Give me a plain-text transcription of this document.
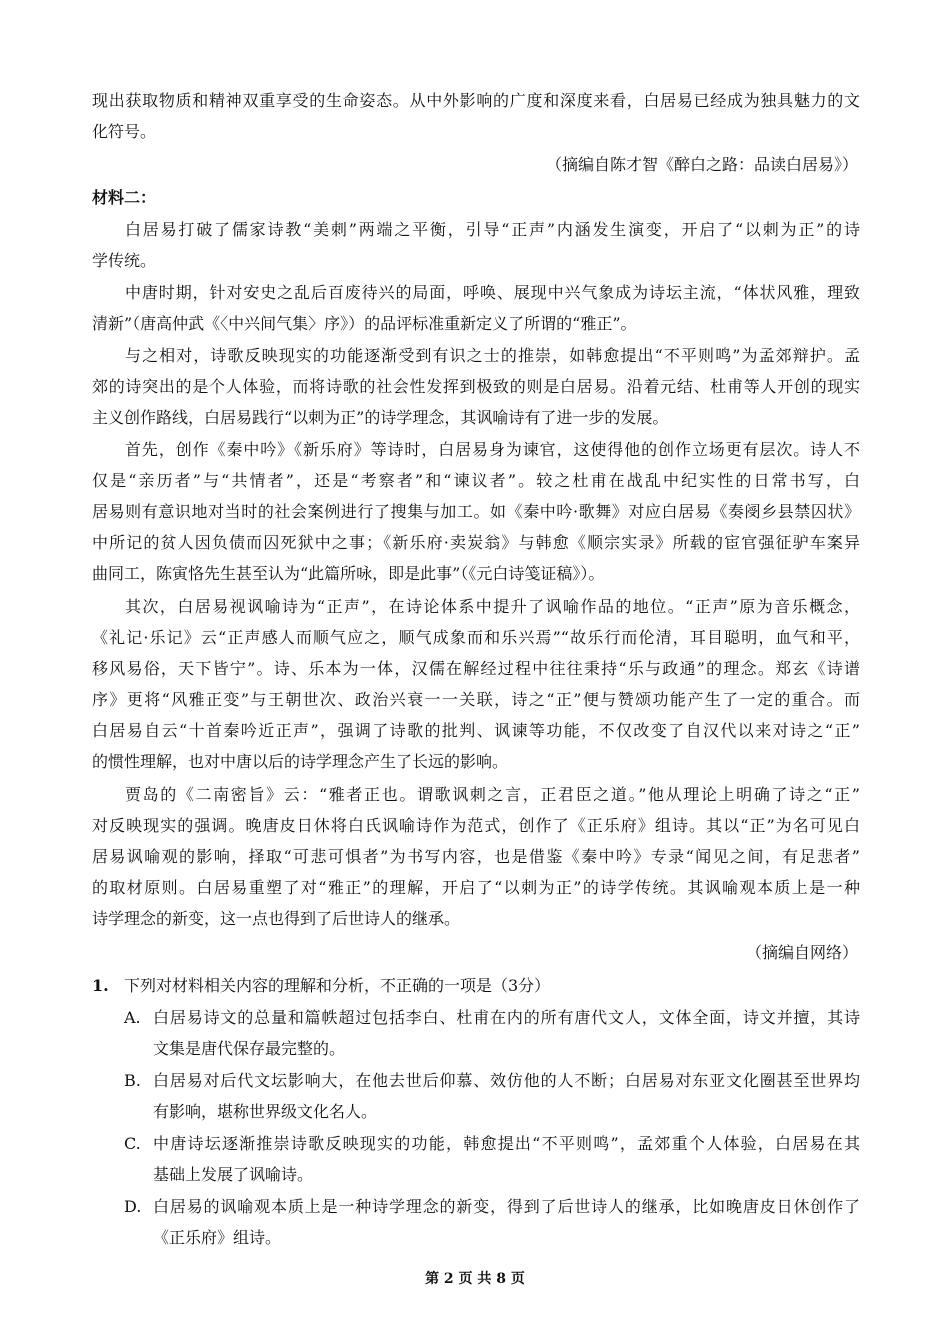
现出获取物质和精神双重享受的生命姿态。从中外影响的广度和深度来看，白居易已经成为独具魅力的文
化符号。
（摘编自陈才智《醉白之路：品读白居易》）
材料二：
白居易打破了儒家诗教“美刺”两端之平衡，引导“正声”内涵发生演变，开启了“以刺为正”的诗
学传统。
中唐时期，针对安史之乱后百废待兴的局面，呼唤、展现中兴气象成为诗坛主流，“体状风雅，理致
清新”（唐高仲武《〈中兴间气集〉序》）的品评标准重新定义了所谓的“雅正”。
与之相对，诗歌反映现实的功能逐渐受到有识之士的推崇，如韩愈提出“不平则鸣”为孟郊辩护。孟
郊的诗突出的是个人体验，而将诗歌的社会性发挥到极致的则是白居易。沿着元结、杜甫等人开创的现实
主义创作路线，白居易践行“以刺为正”的诗学理念，其讽喻诗有了进一步的发展。
首先，创作《秦中吟》《新乐府》等诗时，白居易身为谏官，这使得他的创作立场更有层次。诗人不
仅是“亲历者”与“共情者”，还是“考察者”和“谏议者”。较之杜甫在战乱中纪实性的日常书写，白
居易则有意识地对当时的社会案例进行了搜集与加工。如《秦中吟·歌舞》对应白居易《奏阌乡县禁囚状》
中所记的贫人因负债而囚死狱中之事；《新乐府·卖炭翁》与韩愈《顺宗实录》所载的宦官强征驴车案异
曲同工，陈寅恪先生甚至认为“此篇所咏，即是此事”（《元白诗笺证稿》）。
其次，白居易视讽喻诗为“正声”，在诗论体系中提升了讽喻作品的地位。“正声”原为音乐概念，
《礼记·乐记》云“正声感人而顺气应之，顺气成象而和乐兴焉”“故乐行而伦清，耳目聪明，血气和平，
移风易俗，天下皆宁”。诗、乐本为一体，汉儒在解经过程中往往秉持“乐与政通”的理念。郑玄《诗谱
序》更将“风雅正变”与王朝世次、政治兴衰一一关联，诗之“正”便与赞颂功能产生了一定的重合。而
白居易自云“十首秦吟近正声”，强调了诗歌的批判、讽谏等功能，不仅改变了自汉代以来对诗之“正”
的惯性理解，也对中唐以后的诗学理念产生了长远的影响。
贾岛的《二南密旨》云：“雅者正也。谓歌讽刺之言，正君臣之道。”他从理论上明确了诗之“正”
对反映现实的强调。晚唐皮日休将白氏讽喻诗作为范式，创作了《正乐府》组诗。其以“正”为名可见白
居易讽喻观的影响，择取“可悲可惧者”为书写内容，也是借鉴《秦中吟》专录“闻见之间，有足悲者”
的取材原则。白居易重塑了对“雅正”的理解，开启了“以刺为正”的诗学传统。其讽喻观本质上是一种
诗学理念的新变，这一点也得到了后世诗人的继承。
（摘编自网络）
1. 下列对材料相关内容的理解和分析，不正确的一项是（3分）
A. 白居易诗文的总量和篇帙超过包括李白、杜甫在内的所有唐代文人，文体全面，诗文并擅，其诗
文集是唐代保存最完整的。
B. 白居易对后代文坛影响大，在他去世后仰慕、效仿他的人不断；白居易对东亚文化圈甚至世界均
有影响，堪称世界级文化名人。
C. 中唐诗坛逐渐推崇诗歌反映现实的功能，韩愈提出“不平则鸣”，孟郊重个人体验，白居易在其
基础上发展了讽喻诗。
D. 白居易的讽喻观本质上是一种诗学理念的新变，得到了后世诗人的继承，比如晚唐皮日休创作了
《正乐府》组诗。
第 2 页 共 8 页
